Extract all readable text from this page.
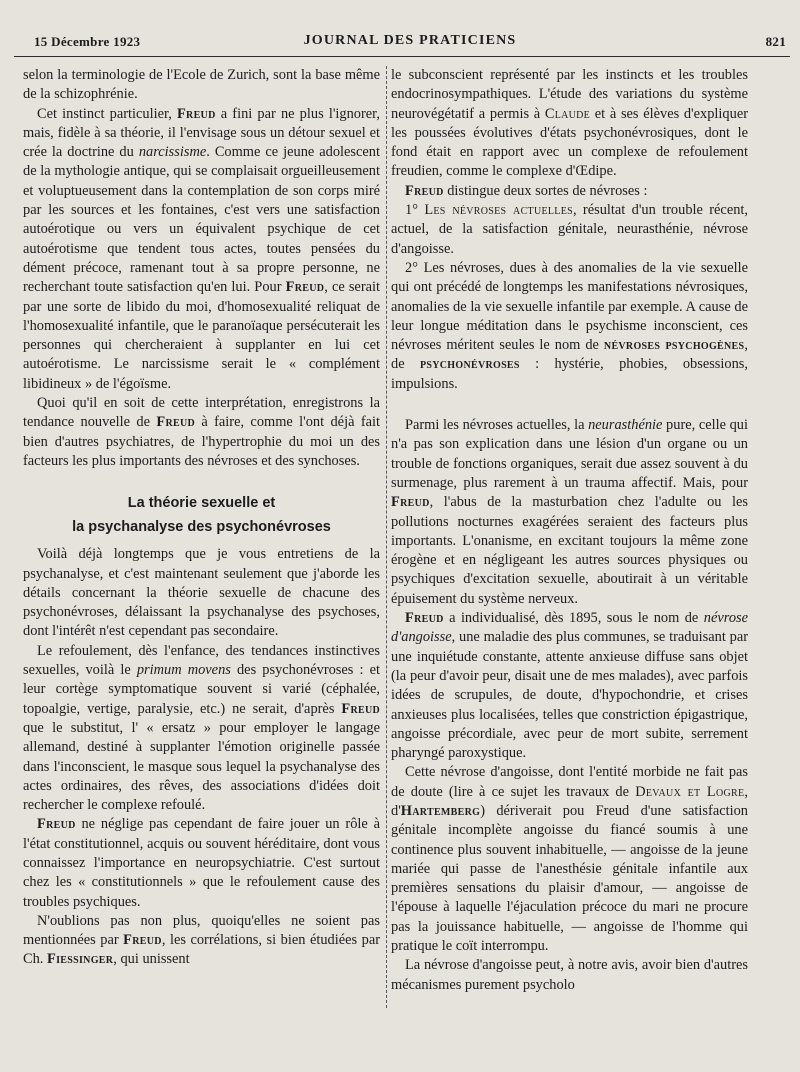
15 Décembre 1923	JOURNAL DES PRATICIENS	821

selon la terminologie de l'Ecole de Zurich, sont la base même de la schizophrénie.

Cet instinct particulier, Freud a fini par ne plus l'ignorer, mais, fidèle à sa théorie, il l'envisage sous un détour sexuel et crée la doctrine du narcissisme. Comme ce jeune adolescent de la mythologie antique, qui se complaisait orgueilleusement et voluptueusement dans la contemplation de son corps miré par les sources et les fontaines, c'est vers une satisfaction autoérotique ou vers un équivalent psychique de cet autoérotisme que tendent tous actes, toutes pensées du dément précoce, ramenant tout à sa propre personne, ne recherchant toute satisfaction qu'en lui. Pour Freud, ce serait par une sorte de libido du moi, d'homosexualité reliquat de l'homosexualité infantile, que le paranoïaque persécuterait les personnes qui chercheraient à supplanter en lui cet autoérotisme. Le narcissisme serait le « complément libidineux » de l'égoïsme.

Quoi qu'il en soit de cette interprétation, enregistrons la tendance nouvelle de Freud à faire, comme l'ont déjà fait bien d'autres psychiatres, de l'hypertrophie du moi un des facteurs les plus importants des névroses et des synchoses.

La théorie sexuelle et
la psychanalyse des psychonévroses

Voilà déjà longtemps que je vous entretiens de la psychanalyse, et c'est maintenant seulement que j'aborde les détails concernant la théorie sexuelle de chacune des psychonévroses, délaissant la psychanalyse des psychoses, dont l'intérêt n'est cependant pas secondaire.

Le refoulement, dès l'enfance, des tendances instinctives sexuelles, voilà le primum movens des psychonévroses : et leur cortège symptomatique souvent si varié (céphalée, topoalgie, vertige, paralysie, etc.) ne serait, d'après Freud que le substitut, l' « ersatz » pour employer le langage allemand, destiné à supplanter l'émotion originelle passée dans l'inconscient, le masque sous lequel la psychanalyse des actes ordinaires, des rêves, des associations d'idées doit rechercher le complexe refoulé.

Freud ne néglige pas cependant de faire jouer un rôle à l'état constitutionnel, acquis ou souvent héréditaire, dont vous connaissez l'importance en neuropsychiatrie. C'est surtout chez les « constitutionnels » que le refoulement cause des troubles psychiques.

N'oublions pas non plus, quoiqu'elles ne soient pas mentionnées par Freud, les corrélations, si bien étudiées par Ch. Fiessinger, qui unissent

le subconscient représenté par les instincts et les troubles endocrinosympathiques. L'étude des variations du système neurovégétatif a permis à Claude et à ses élèves d'expliquer les poussées évolutives d'états psychonévrosiques, dont le fond était en rapport avec un complexe de refoulement freudien, comme le complexe d'Œdipe.

Freud distingue deux sortes de névroses :

1° Les névroses actuelles, résultat d'un trouble récent, actuel, de la satisfaction génitale, neurasthénie, névrose d'angoisse.

2° Les névroses, dues à des anomalies de la vie sexuelle qui ont précédé de longtemps les manifestations névrosiques, anomalies de la vie sexuelle infantile par exemple. A cause de leur longue méditation dans le psychisme inconscient, ces névroses méritent seules le nom de névroses psychogènes, de psychonévroses : hystérie, phobies, obsessions, impulsions.

Parmi les névroses actuelles, la neurasthénie pure, celle qui n'a pas son explication dans une lésion d'un organe ou un trouble de fonctions organiques, serait due assez souvent à du surmenage, plus rarement à un trauma affectif. Mais, pour Freud, l'abus de la masturbation chez l'adulte ou les pollutions nocturnes exagérées seraient des facteurs plus importants. L'onanisme, en excitant toujours la même zone érogène et en négligeant les autres sources physiques ou psychiques d'excitation sexuelle, aboutirait à un véritable épuisement du système nerveux.

Freud a individualisé, dès 1895, sous le nom de névrose d'angoisse, une maladie des plus communes, se traduisant par une inquiétude constante, attente anxieuse diffuse sans objet (la peur d'avoir peur, disait une de mes malades), avec parfois idées de scrupules, de doute, d'hypochondrie, et crises anxieuses plus localisées, telles que constriction épigastrique, angoisse précordiale, avec peur de mort subite, serrement pharyngé paroxystique.

Cette névrose d'angoisse, dont l'entité morbide ne fait pas de doute (lire à ce sujet les travaux de Devaux et Logre, d'Hartemberg) dériverait pou Freud d'une satisfaction génitale incomplète angoisse du fiancé soumis à une continence plus souvent inhabituelle, — angoisse de la jeune mariée qui passe de l'anesthésie génitale infantile aux premières sensations du plaisir d'amour, — angoisse de l'épouse à laquelle l'éjaculation précoce du mari ne procure pas la jouissance habituelle, — angoisse de l'homme qui pratique le coït interrompu.

La névrose d'angoisse peut, à notre avis, avoir bien d'autres mécanismes purement psycholo
